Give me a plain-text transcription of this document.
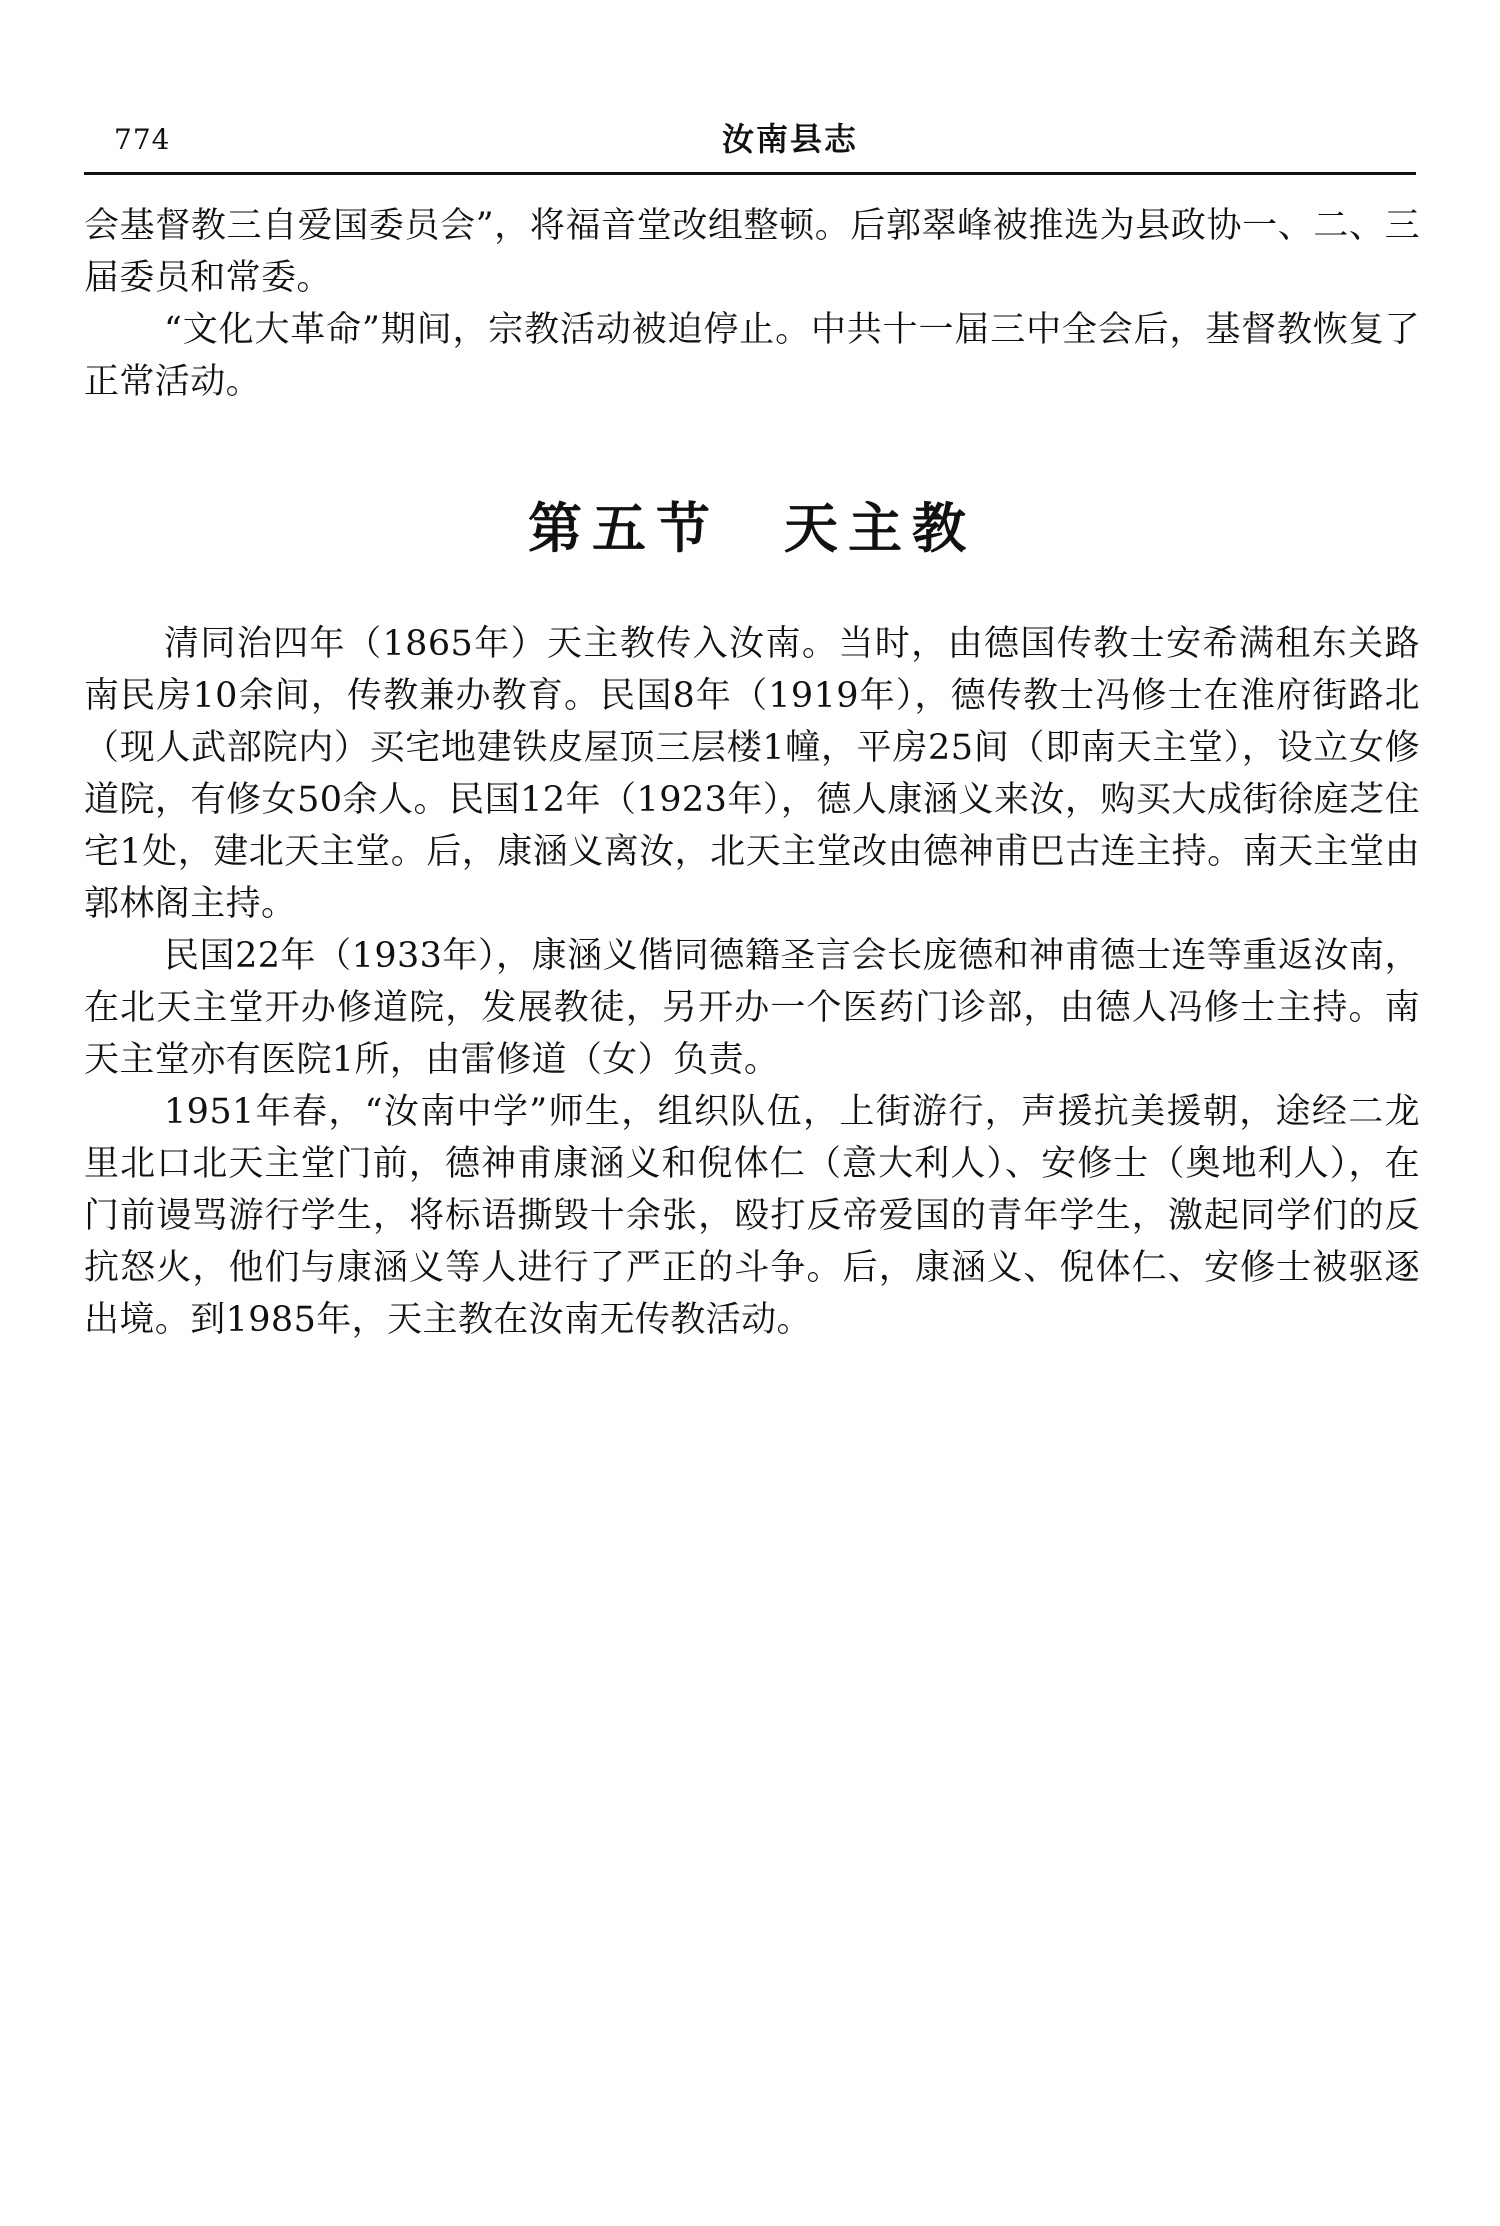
774	汝南县志

会基督教三自爱国委员会”，将福音堂改组整顿。后郭翠峰被推选为县政协一、二、三届委员和常委。

“文化大革命”期间，宗教活动被迫停止。中共十一届三中全会后，基督教恢复了正常活动。

第五节　天主教

清同治四年（1865年）天主教传入汝南。当时，由德国传教士安希满租东关路南民房10余间，传教兼办教育。民国8年（1919年），德传教士冯修士在淮府街路北（现人武部院内）买宅地建铁皮屋顶三层楼1幢，平房25间（即南天主堂），设立女修道院，有修女50余人。民国12年（1923年），德人康涵义来汝，购买大成街徐庭芝住宅1处，建北天主堂。后，康涵义离汝，北天主堂改由德神甫巴古连主持。南天主堂由郭林阁主持。

民国22年（1933年），康涵义偕同德籍圣言会长庞德和神甫德士连等重返汝南，在北天主堂开办修道院，发展教徒，另开办一个医药门诊部，由德人冯修士主持。南天主堂亦有医院1所，由雷修道（女）负责。

1951年春，“汝南中学”师生，组织队伍，上街游行，声援抗美援朝，途经二龙里北口北天主堂门前，德神甫康涵义和倪体仁（意大利人）、安修士（奥地利人），在门前谩骂游行学生，将标语撕毁十余张，殴打反帝爱国的青年学生，激起同学们的反抗怒火，他们与康涵义等人进行了严正的斗争。后，康涵义、倪体仁、安修士被驱逐出境。到1985年，天主教在汝南无传教活动。
